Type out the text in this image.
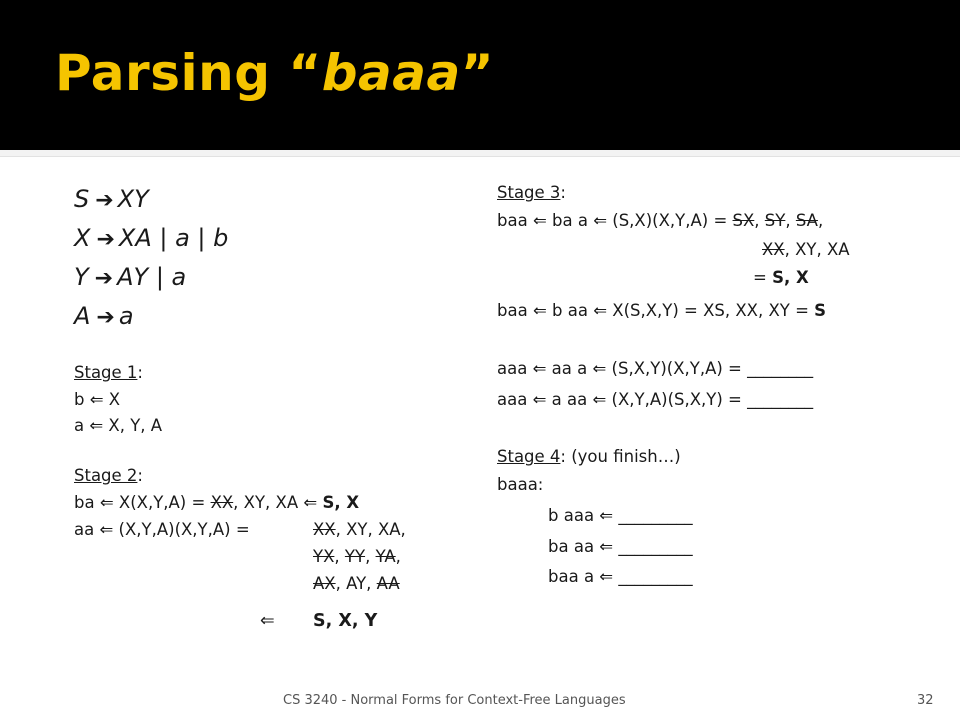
Parsing “baaa”
S ➔ XY
X ➔ XA | a | b
Y ➔ AY | a
A ➔ a
Stage 1:
b ⇐ X
a ⇐ X, Y, A
Stage 2:
ba ⇐ X(X,Y,A) = XX, XY, XA ⇐ S, X
aa ⇐ (X,Y,A)(X,Y,A) =	XX, XY, XA,
YX, YY, YA,
AX, AY, AA
⇐ S, X, Y
Stage 3:
baa ⇐ ba a ⇐ (S,X)(X,Y,A) = SX, SY, SA,
XX, XY, XA
= S, X
baa ⇐ b aa ⇐ X(S,X,Y) = XS, XX, XY = S
aaa ⇐ aa a ⇐ (S,X,Y)(X,Y,A) = ________
aaa ⇐ a aa ⇐ (X,Y,A)(S,X,Y) = ________
Stage 4: (you finish…)
baaa:
b aaa ⇐ _________
ba aa ⇐ _________
baa a ⇐ _________
CS 3240 - Normal Forms for Context-Free Languages	32
